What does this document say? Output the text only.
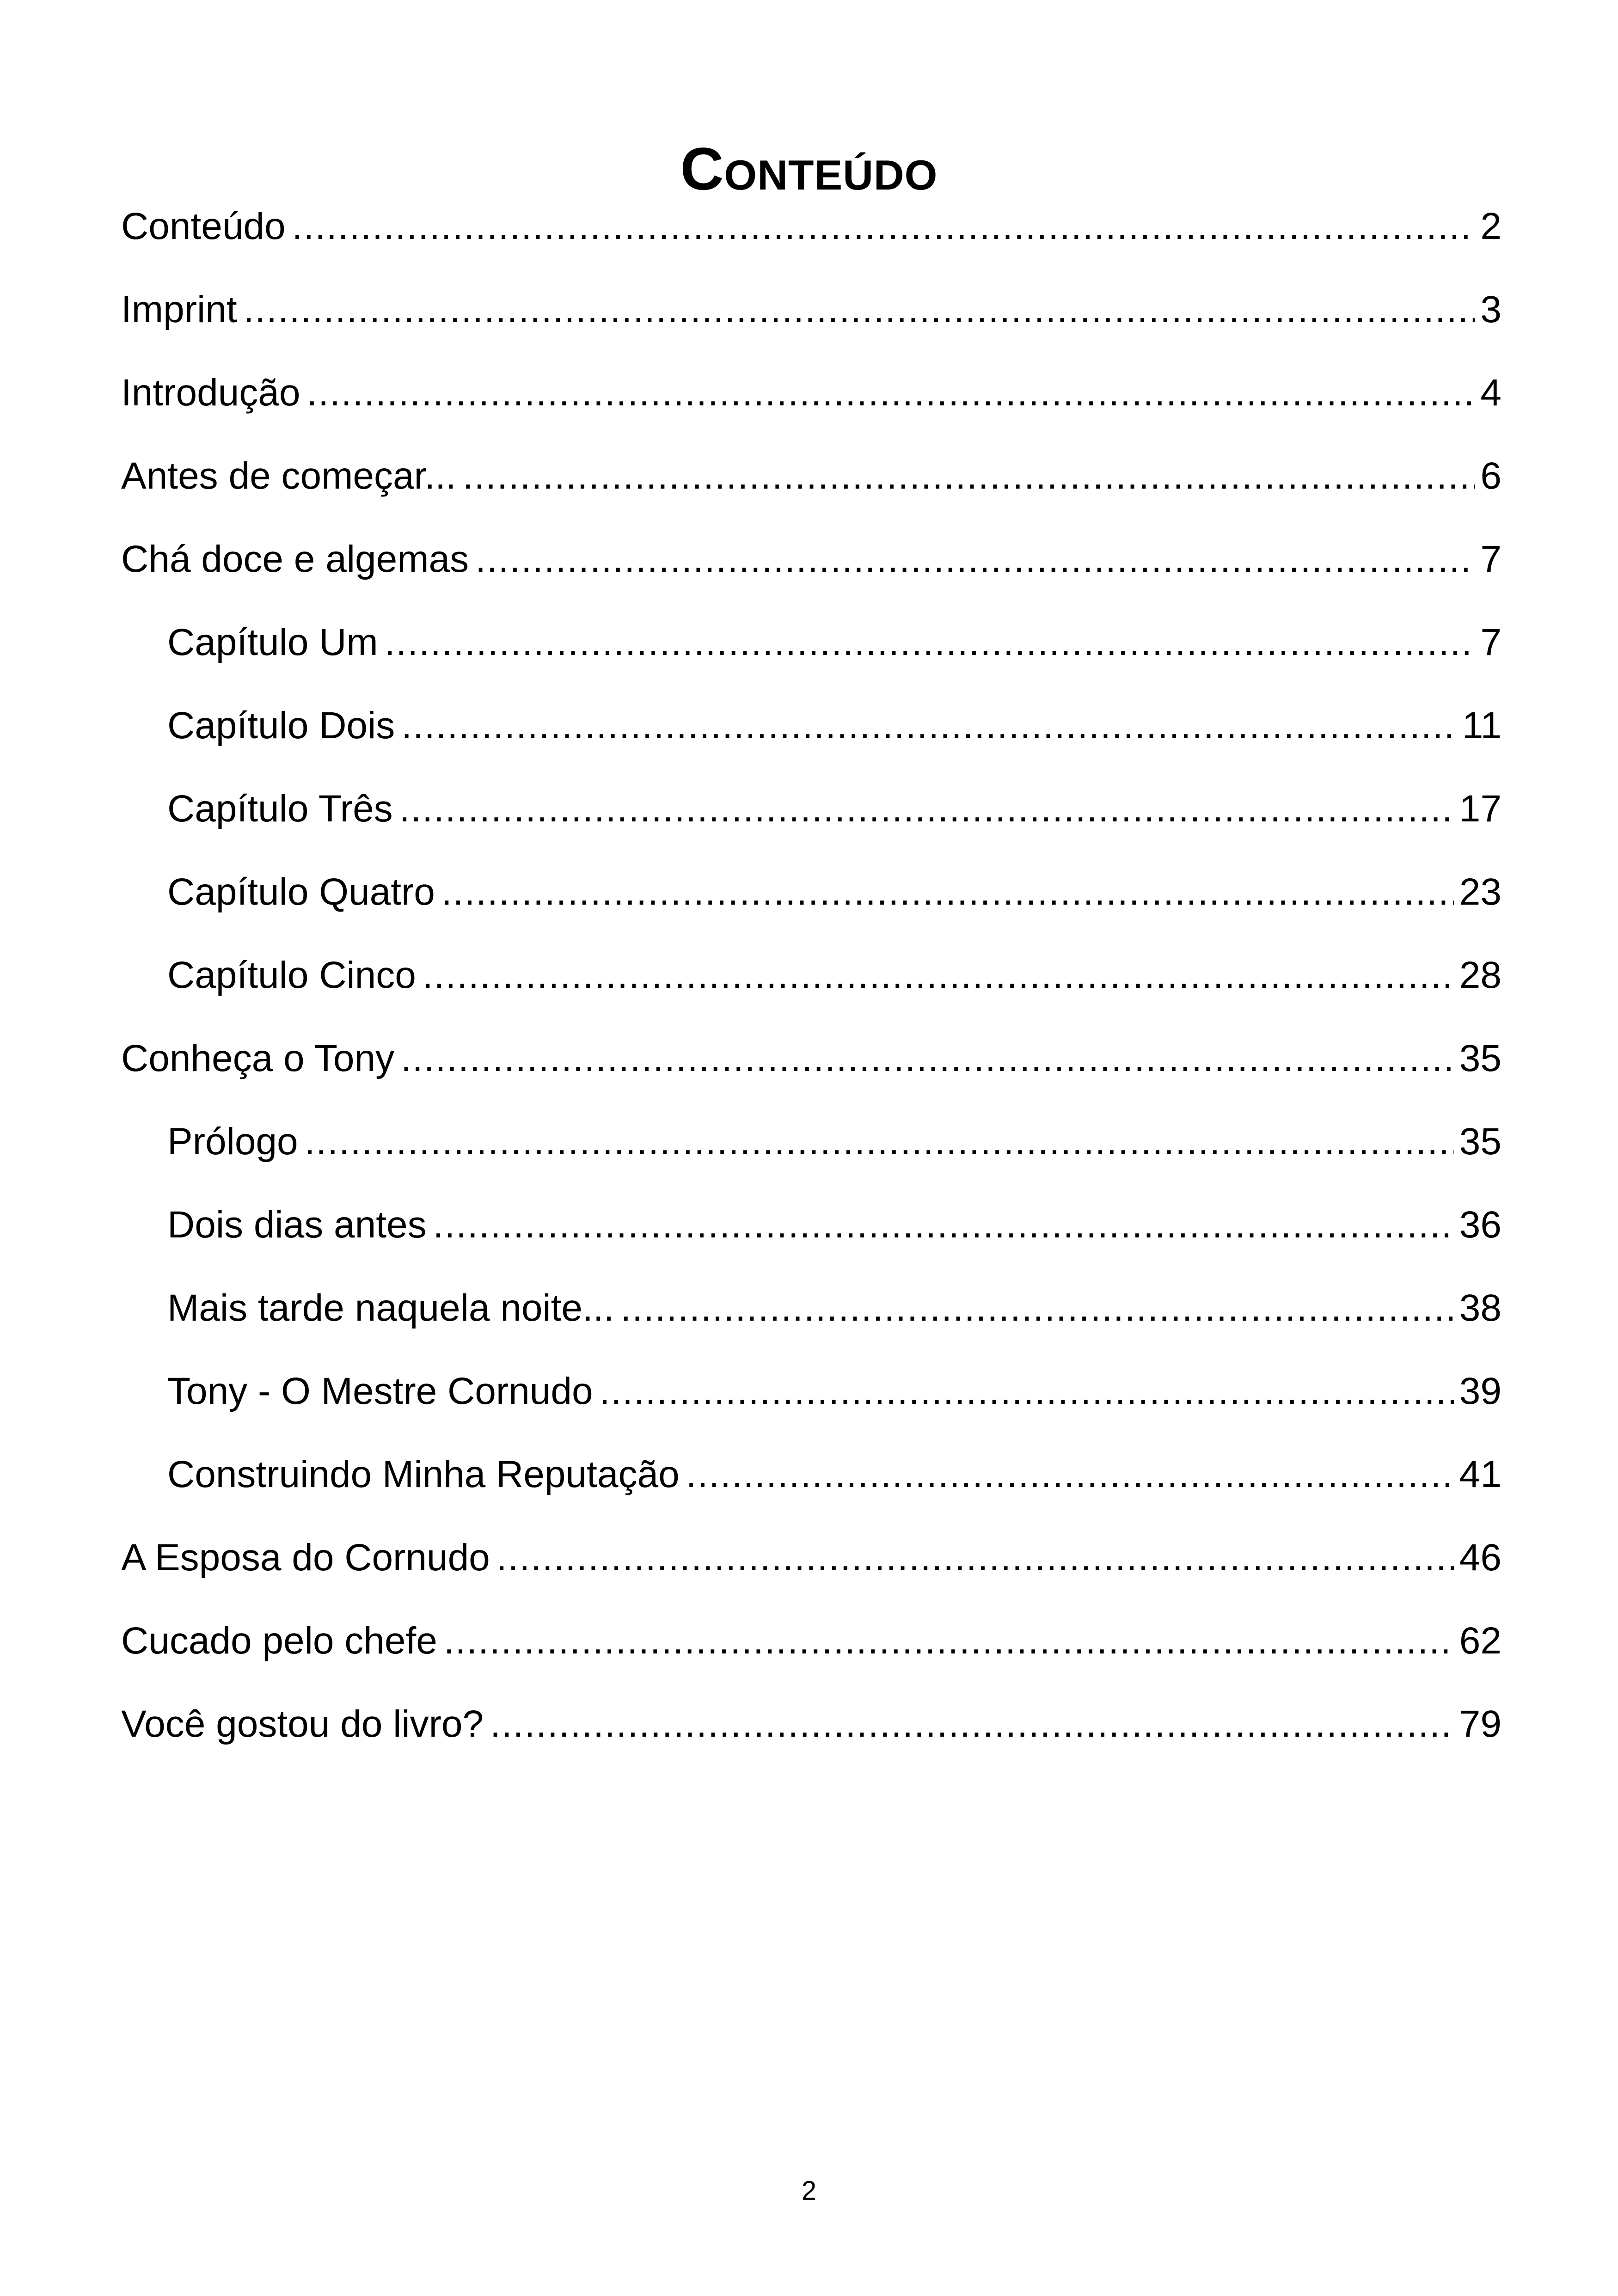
Conteúdo
Conteúdo .....	2
Imprint .....	3
Introdução .....	4
Antes de começar... .....	6
Chá doce e algemas .....	7
Capítulo Um .....	7
Capítulo Dois .....	11
Capítulo Três .....	17
Capítulo Quatro .....	23
Capítulo Cinco .....	28
Conheça o Tony .....	35
Prólogo .....	35
Dois dias antes .....	36
Mais tarde naquela noite... .....	38
Tony - O Mestre Cornudo .....	39
Construindo Minha Reputação .....	41
A Esposa do Cornudo .....	46
Cucado pelo chefe .....	62
Você gostou do livro? .....	79
2
